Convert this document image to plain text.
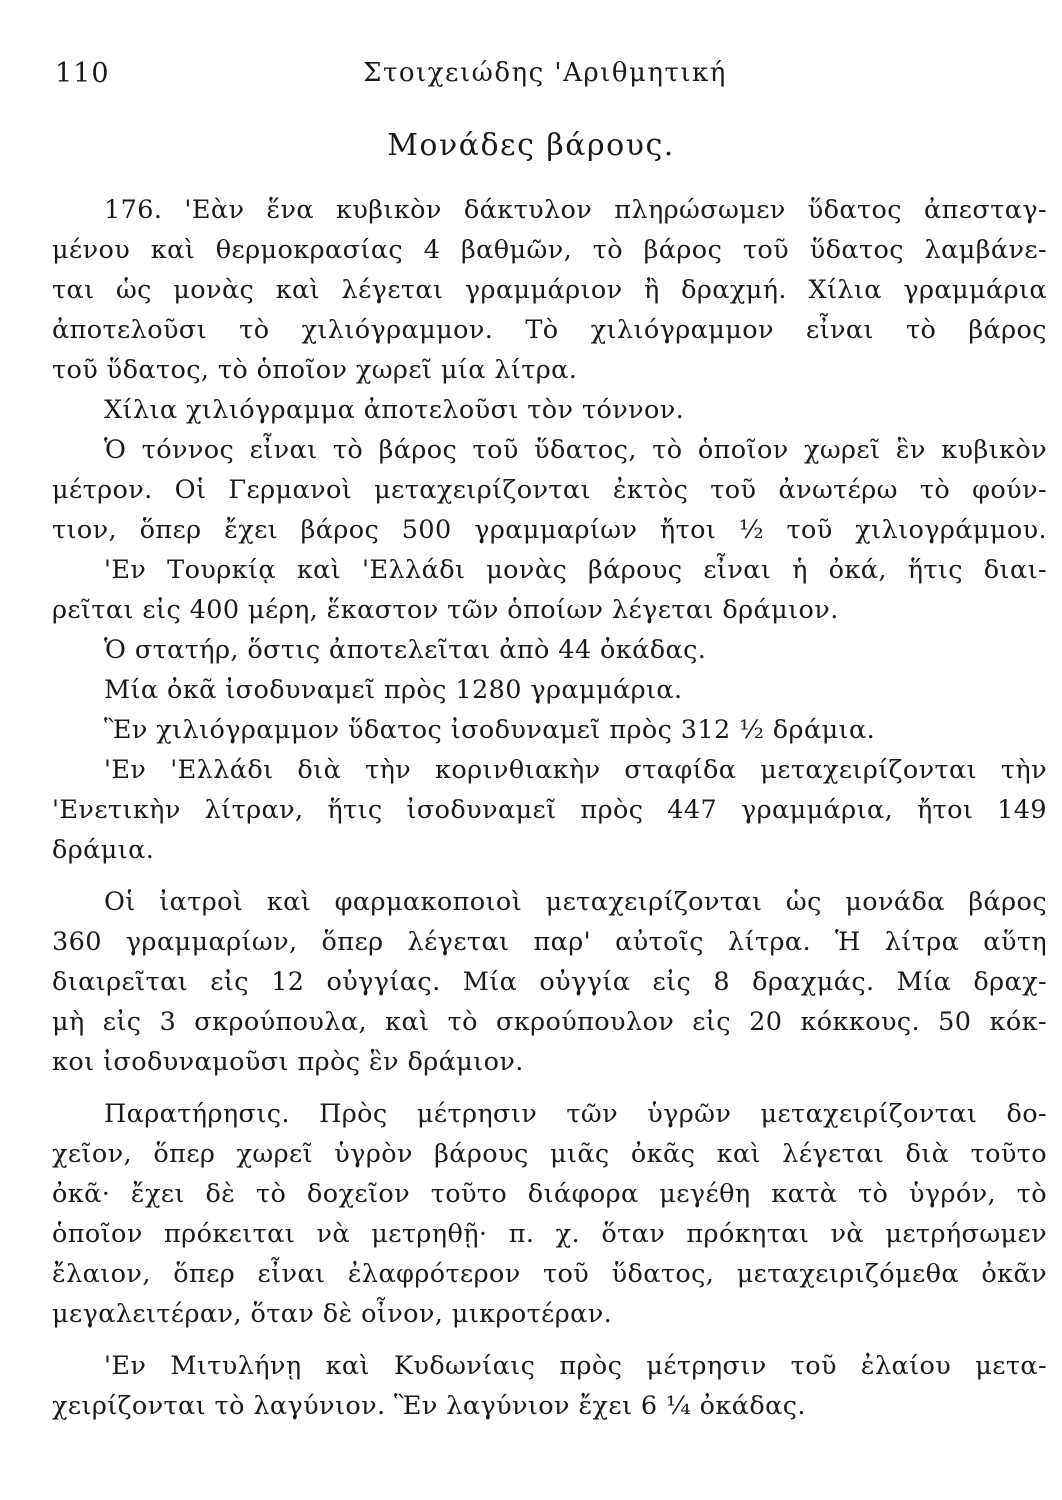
110	Στοιχειώδης 'Αριθμητική
Μονάδες βάρους.
176. 'Εὰν ἕνα κυβικὸν δάκτυλον πληρώσωμεν ὕδατος ἀπεσταγ-
μένου καὶ θερμοκρασίας 4 βαθμῶν, τὸ βάρος τοῦ ὕδατος λαμβάνε-
ται ὡς μονὰς καὶ λέγεται γραμμάριον ἢ δραχμή. Χίλια γραμμάρια
ἀποτελοῦσι τὸ χιλιόγραμμον. Τὸ χιλιόγραμμον εἶναι τὸ βάρος
τοῦ ὕδατος, τὸ ὁποῖον χωρεῖ μία λίτρα.
Χίλια χιλιόγραμμα ἀποτελοῦσι τὸν τόννον.
Ὁ τόννος εἶναι τὸ βάρος τοῦ ὕδατος, τὸ ὁποῖον χωρεῖ ἓν κυβικὸν
μέτρον. Οἱ Γερμανοὶ μεταχειρίζονται ἐκτὸς τοῦ ἀνωτέρω τὸ φούν-
τιον, ὅπερ ἔχει βάρος 500 γραμμαρίων ἤτοι ½ τοῦ χιλιογράμμου.
'Εν Τουρκίᾳ καὶ 'Ελλάδι μονὰς βάρους εἶναι ἡ ὀκά, ἥτις διαι-
ρεῖται εἰς 400 μέρη, ἕκαστον τῶν ὁποίων λέγεται δράμιον.
Ὁ στατήρ, ὅστις ἀποτελεῖται ἀπὸ 44 ὀκάδας.
Μία ὀκᾶ ἰσοδυναμεῖ πρὸς 1280 γραμμάρια.
Ἓν χιλιόγραμμον ὕδατος ἰσοδυναμεῖ πρὸς 312 ½ δράμια.
'Εν 'Ελλάδι διὰ τὴν κορινθιακὴν σταφίδα μεταχειρίζονται τὴν
'Ενετικὴν λίτραν, ἥτις ἰσοδυναμεῖ πρὸς 447 γραμμάρια, ἤτοι 149
δράμια.
Οἱ ἰατροὶ καὶ φαρμακοποιοὶ μεταχειρίζονται ὡς μονάδα βάρος
360 γραμμαρίων, ὅπερ λέγεται παρ' αὐτοῖς λίτρα. Ἡ λίτρα αὕτη
διαιρεῖται εἰς 12 οὐγγίας. Μία οὐγγία εἰς 8 δραχμάς. Μία δραχ-
μὴ εἰς 3 σκρούπουλα, καὶ τὸ σκρούπουλον εἰς 20 κόκκους. 50 κόκ-
κοι ἰσοδυναμοῦσι πρὸς ἓν δράμιον.
Παρατήρησις. Πρὸς μέτρησιν τῶν ὑγρῶν μεταχειρίζονται δο-
χεῖον, ὅπερ χωρεῖ ὑγρὸν βάρους μιᾶς ὀκᾶς καὶ λέγεται διὰ τοῦτο
ὀκᾶ· ἔχει δὲ τὸ δοχεῖον τοῦτο διάφορα μεγέθη κατὰ τὸ ὑγρόν, τὸ
ὁποῖον πρόκειται νὰ μετρηθῇ· π. χ. ὅταν πρόκηται νὰ μετρήσωμεν
ἔλαιον, ὅπερ εἶναι ἐλαφρότερον τοῦ ὕδατος, μεταχειριζόμεθα ὀκᾶν
μεγαλειτέραν, ὅταν δὲ οἶνον, μικροτέραν.
'Εν Μιτυλήνῃ καὶ Κυδωνίαις πρὸς μέτρησιν τοῦ ἐλαίου μετα-
χειρίζονται τὸ λαγύνιον. Ἓν λαγύνιον ἔχει 6 ¼ ὀκάδας.
